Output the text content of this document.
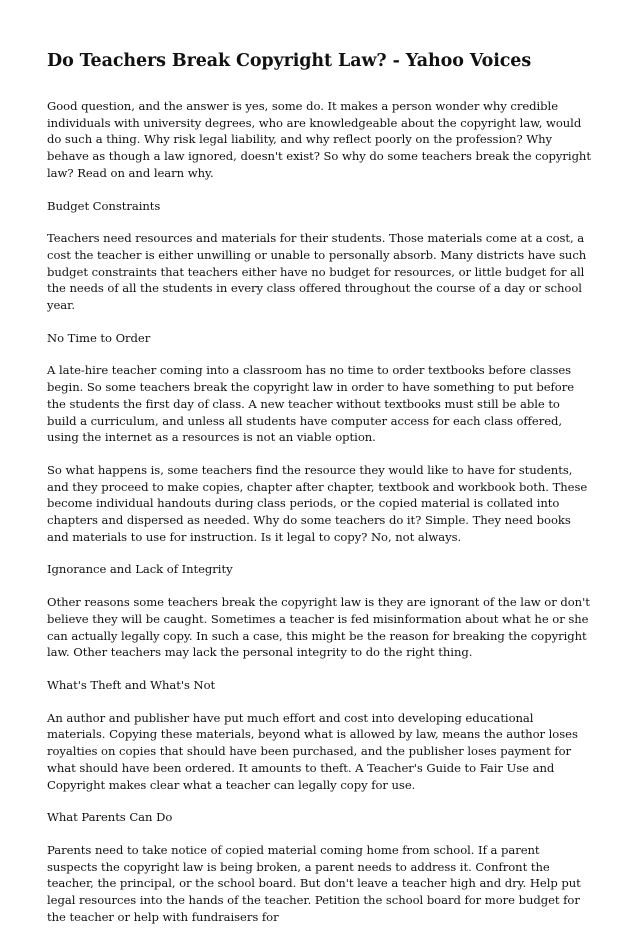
Do Teachers Break Copyright Law? - Yahoo Voices

Good question, and the answer is yes, some do. It makes a person wonder why credible individuals with university degrees, who are knowledgeable about the copyright law, would do such a thing. Why risk legal liability, and why reflect poorly on the profession? Why behave as though a law ignored, doesn't exist? So why do some teachers break the copyright law? Read on and learn why.

Budget Constraints

Teachers need resources and materials for their students. Those materials come at a cost, a cost the teacher is either unwilling or unable to personally absorb. Many districts have such budget constraints that teachers either have no budget for resources, or little budget for all the needs of all the students in every class offered throughout the course of a day or school year.

No Time to Order

A late-hire teacher coming into a classroom has no time to order textbooks before classes begin. So some teachers break the copyright law in order to have something to put before the students the first day of class. A new teacher without textbooks must still be able to build a curriculum, and unless all students have computer access for each class offered, using the internet as a resources is not an viable option.

So what happens is, some teachers find the resource they would like to have for students, and they proceed to make copies, chapter after chapter, textbook and workbook both. These become individual handouts during class periods, or the copied material is collated into chapters and dispersed as needed. Why do some teachers do it? Simple. They need books and materials to use for instruction. Is it legal to copy? No, not always.

Ignorance and Lack of Integrity

Other reasons some teachers break the copyright law is they are ignorant of the law or don't believe they will be caught. Sometimes a teacher is fed misinformation about what he or she can actually legally copy. In such a case, this might be the reason for breaking the copyright law. Other teachers may lack the personal integrity to do the right thing.

What's Theft and What's Not

An author and publisher have put much effort and cost into developing educational materials. Copying these materials, beyond what is allowed by law, means the author loses royalties on copies that should have been purchased, and the publisher loses payment for what should have been ordered. It amounts to theft. A Teacher's Guide to Fair Use and Copyright makes clear what a teacher can legally copy for use.

What Parents Can Do

Parents need to take notice of copied material coming home from school. If a parent suspects the copyright law is being broken, a parent needs to address it. Confront the teacher, the principal, or the school board. But don't leave a teacher high and dry. Help put legal resources into the hands of the teacher. Petition the school board for more budget for the teacher or help with fundraisers for
